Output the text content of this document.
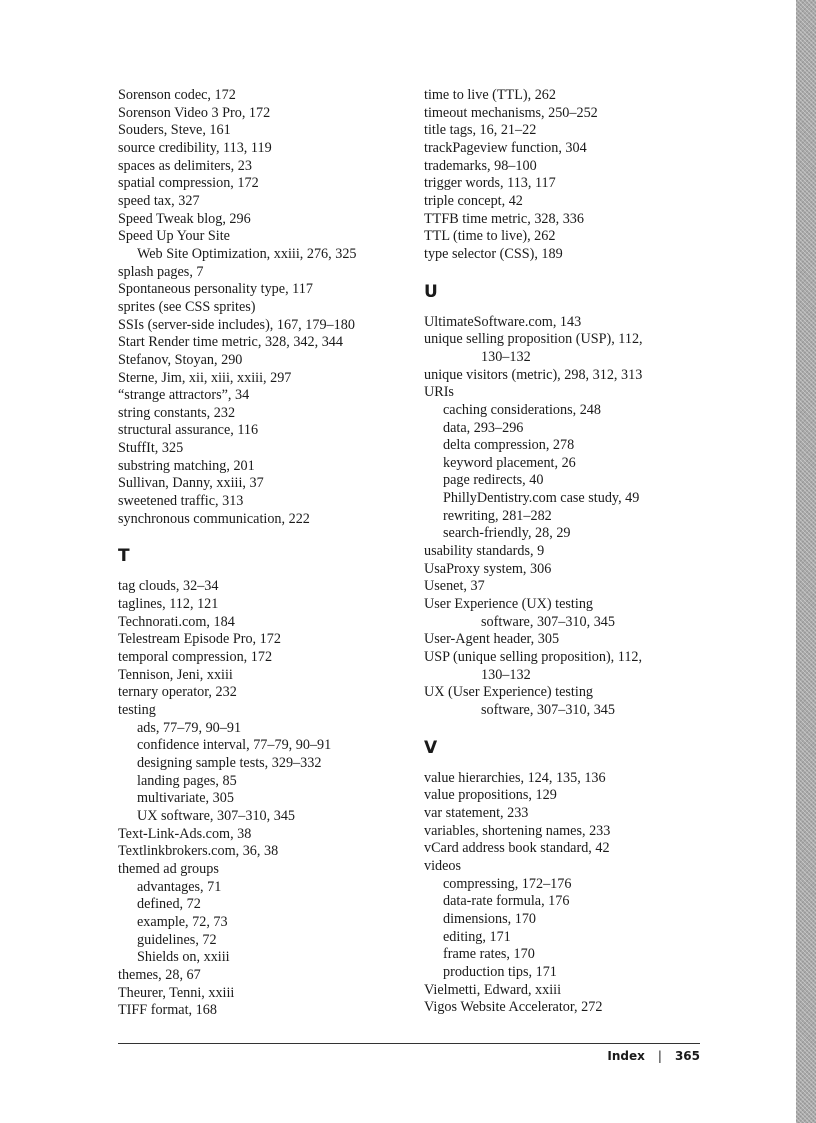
Sorenson codec, 172
Sorenson Video 3 Pro, 172
Souders, Steve, 161
source credibility, 113, 119
spaces as delimiters, 23
spatial compression, 172
speed tax, 327
Speed Tweak blog, 296
Speed Up Your Site
Web Site Optimization, xxiii, 276, 325
splash pages, 7
Spontaneous personality type, 117
sprites (see CSS sprites)
SSIs (server-side includes), 167, 179–180
Start Render time metric, 328, 342, 344
Stefanov, Stoyan, 290
Sterne, Jim, xii, xiii, xxiii, 297
“strange attractors”, 34
string constants, 232
structural assurance, 116
StuffIt, 325
substring matching, 201
Sullivan, Danny, xxiii, 37
sweetened traffic, 313
synchronous communication, 222
T
tag clouds, 32–34
taglines, 112, 121
Technorati.com, 184
Telestream Episode Pro, 172
temporal compression, 172
Tennison, Jeni, xxiii
ternary operator, 232
testing
ads, 77–79, 90–91
confidence interval, 77–79, 90–91
designing sample tests, 329–332
landing pages, 85
multivariate, 305
UX software, 307–310, 345
Text-Link-Ads.com, 38
Textlinkbrokers.com, 36, 38
themed ad groups
advantages, 71
defined, 72
example, 72, 73
guidelines, 72
Shields on, xxiii
themes, 28, 67
Theurer, Tenni, xxiii
TIFF format, 168
time to live (TTL), 262
timeout mechanisms, 250–252
title tags, 16, 21–22
trackPageview function, 304
trademarks, 98–100
trigger words, 113, 117
triple concept, 42
TTFB time metric, 328, 336
TTL (time to live), 262
type selector (CSS), 189
U
UltimateSoftware.com, 143
unique selling proposition (USP), 112,
130–132
unique visitors (metric), 298, 312, 313
URIs
caching considerations, 248
data, 293–296
delta compression, 278
keyword placement, 26
page redirects, 40
PhillyDentistry.com case study, 49
rewriting, 281–282
search-friendly, 28, 29
usability standards, 9
UsaProxy system, 306
Usenet, 37
User Experience (UX) testing
software, 307–310, 345
User-Agent header, 305
USP (unique selling proposition), 112,
130–132
UX (User Experience) testing
software, 307–310, 345
V
value hierarchies, 124, 135, 136
value propositions, 129
var statement, 233
variables, shortening names, 233
vCard address book standard, 42
videos
compressing, 172–176
data-rate formula, 176
dimensions, 170
editing, 171
frame rates, 170
production tips, 171
Vielmetti, Edward, xxiii
Vigos Website Accelerator, 272
Index | 365
